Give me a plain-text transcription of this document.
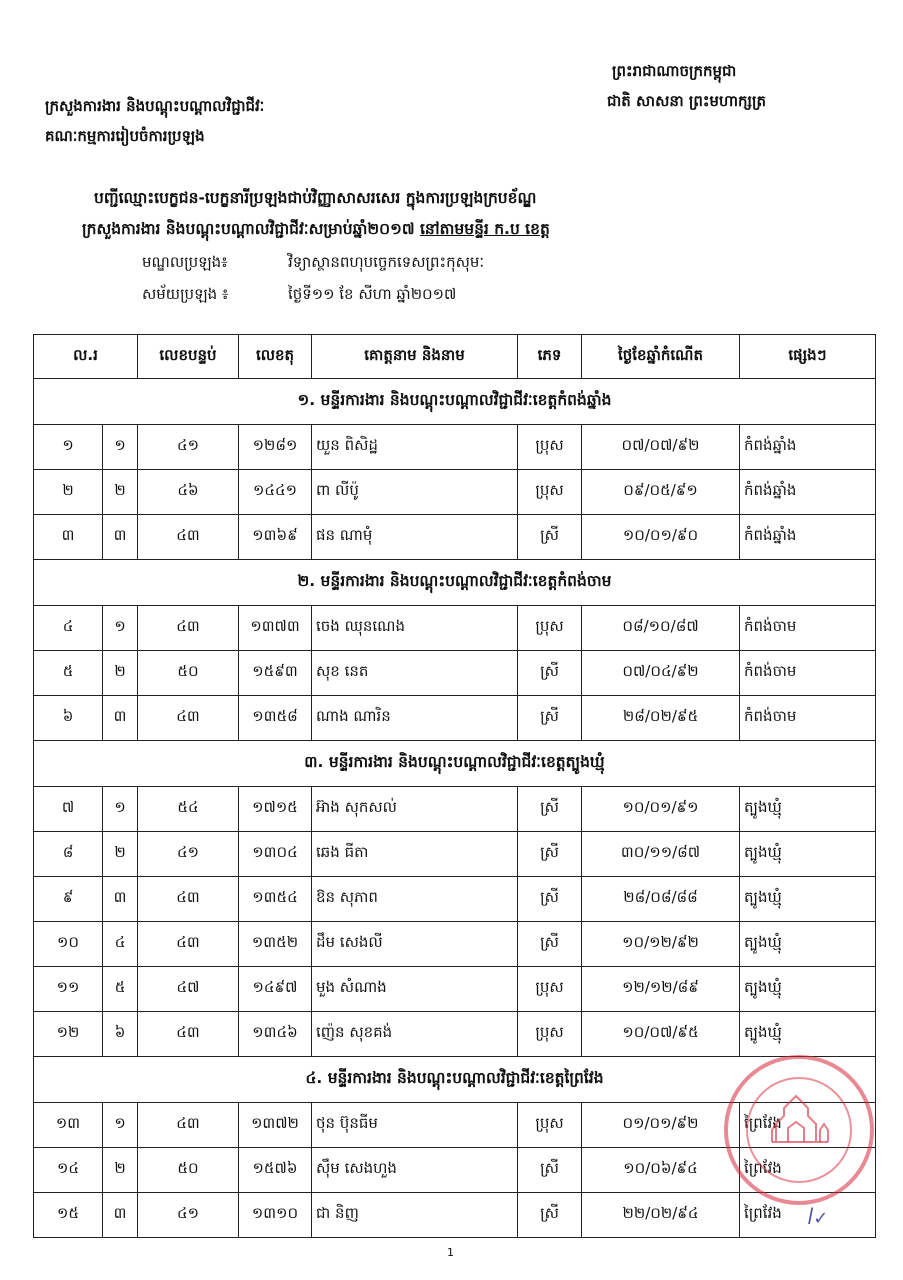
ព្រះរាជាណាចក្រកម្ពុជា
ជាតិ សាសនា ព្រះមហាក្សត្រ
ក្រសួងការងារ និងបណ្តុះបណ្តាលវិជ្ជាជីវៈ
គណៈកម្មការរៀបចំការប្រឡង
បញ្ជីឈ្មោះបេក្ខជន-បេក្ខនារីប្រឡងជាប់វិញ្ញាសាសរសេរ ក្នុងការប្រឡងក្របខ័ណ្ឌ
ក្រសួងការងារ និងបណ្តុះបណ្តាលវិជ្ជាជីវៈសម្រាប់ឆ្នាំ២០១៧ នៅតាមមន្ទីរ ក.ប ខេត្ត
មណ្ឌលប្រឡង៖	វិទ្យាស្ថានពហុបច្ចេកទេសព្រះកុសុមៈ
សម័យប្រឡង ៖	ថ្ងៃទី១១ ខែ សីហា ឆ្នាំ២០១៧
ល.រ		លេខបន្ទប់	លេខតុ	គោត្តនាម និងនាម	ភេទ	ថ្ងៃខែឆ្នាំកំណើត	ផ្សេងៗ
១. មន្ទីរការងារ និងបណ្តុះបណ្តាលវិជ្ជាជីវៈខេត្តកំពង់ឆ្នាំង							
១	១	៤១	១២៨១	យួន ពិសិដ្ឋ	ប្រុស	០៧/០៧/៩២	កំពង់ឆ្នាំង
២	២	៤៦	១៤៤១	ពា លីប៉ូ	ប្រុស	០៩/០៥/៩១	កំពង់ឆ្នាំង
៣	៣	៤៣	១៣៦៩	ផន ណាមុំ	ស្រី	១០/០១/៩០	កំពង់ឆ្នាំង
២. មន្ទីរការងារ និងបណ្តុះបណ្តាលវិជ្ជាជីវៈខេត្តកំពង់ចាម							
៤	១	៤៣	១៣៧៣	ចេង ឈុនណេង	ប្រុស	០៨/១០/៨៧	កំពង់ចាម
៥	២	៥០	១៥៩៣	សុខ នេត	ស្រី	០៧/០៤/៩២	កំពង់ចាម
៦	៣	៤៣	១៣៥៨	ណាង ណារិន	ស្រី	២៨/០២/៩៥	កំពង់ចាម
៣. មន្ទីរការងារ និងបណ្តុះបណ្តាលវិជ្ជាជីវៈខេត្តត្បូងឃ្មុំ							
៧	១	៥៤	១៧១៥	អ៊ាង សុកសល់	ស្រី	១០/០១/៩១	ត្បូងឃ្មុំ
៨	២	៤១	១៣០៤	ឆេង ធីតា	ស្រី	៣០/១១/៨៧	ត្បូងឃ្មុំ
៩	៣	៤៣	១៣៥៤	ឱន សុភាព	ស្រី	២៨/០៨/៨៨	ត្បូងឃ្មុំ
១០	៤	៤៣	១៣៥២	ដឹម សេងលី	ស្រី	១០/១២/៩២	ត្បូងឃ្មុំ
១១	៥	៤៧	១៤៩៧	មួង សំណាង	ប្រុស	១២/១២/៨៩	ត្បូងឃ្មុំ
១២	៦	៤៣	១៣៤៦	ញ៉េន សុខគង់	ប្រុស	១០/០៧/៩៥	ត្បូងឃ្មុំ
៤. មន្ទីរការងារ និងបណ្តុះបណ្តាលវិជ្ជាជីវៈខេត្តព្រៃវែង							
១៣	១	៤៣	១៣៧២	ថុន ប៊ុនធីម	ប្រុស	០១/០១/៩២	ព្រៃវែង
១៤	២	៥០	១៥៧៦	ស៊ឹម សេងហួង	ស្រី	១០/០៦/៩៤	ព្រៃវែង
១៥	៣	៤១	១៣១០	ជា និញ	ស្រី	២២/០២/៩៤	ព្រៃវែង ꟾ✓
1
